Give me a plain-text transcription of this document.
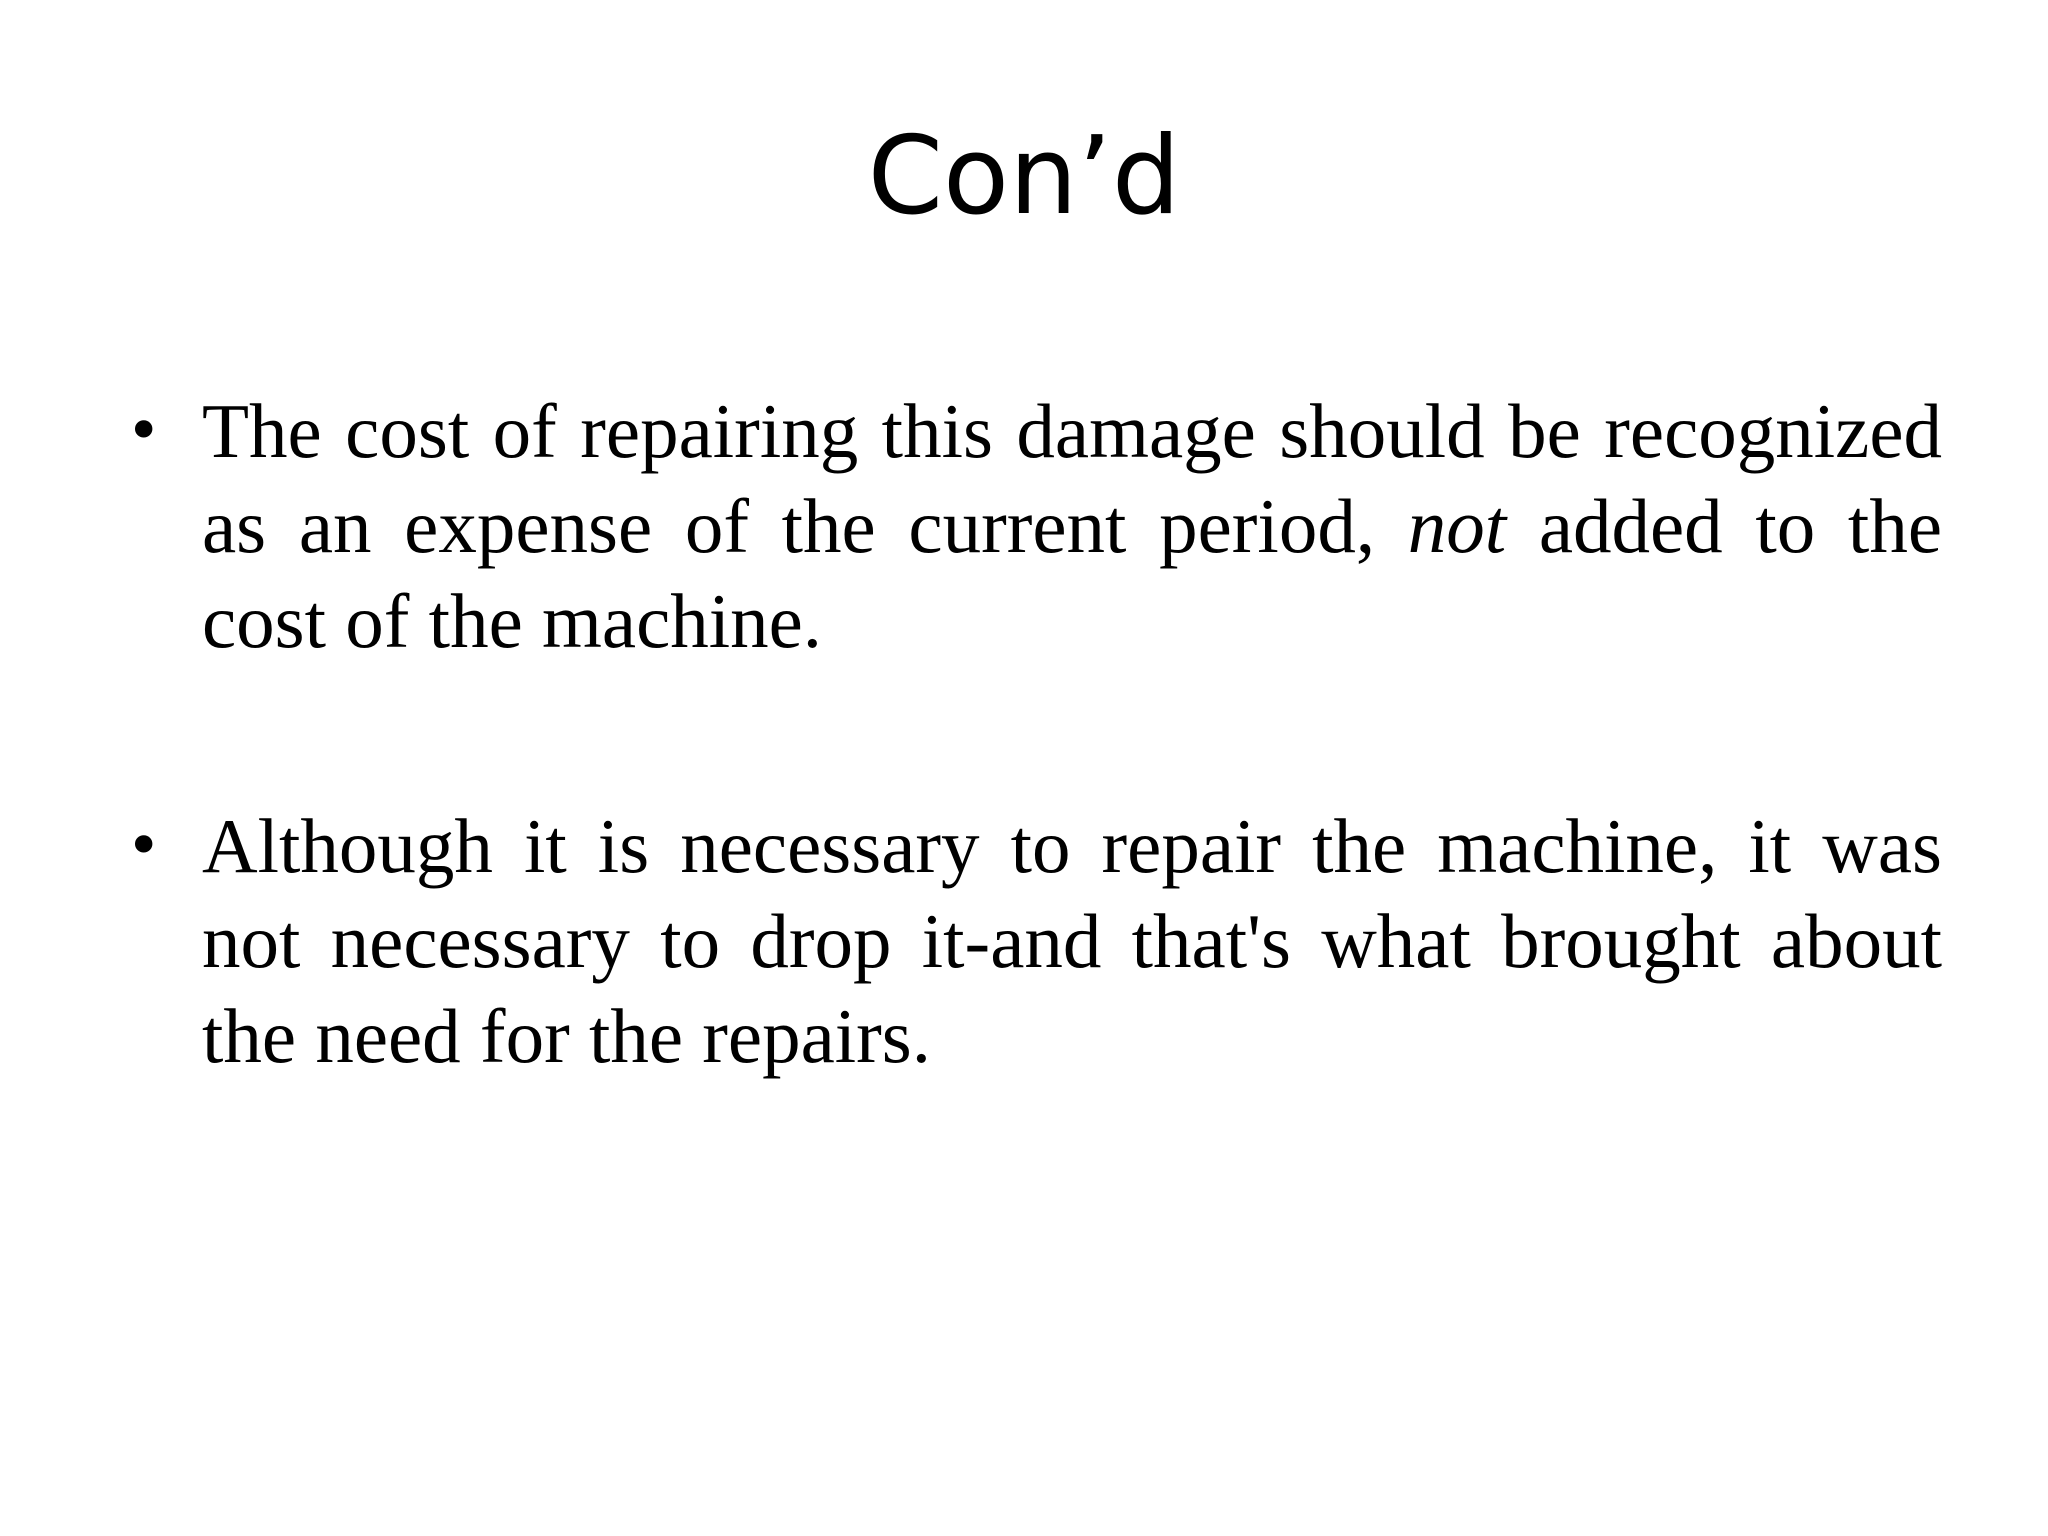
Con’d
• The cost of repairing this damage should be recognized as an expense of the current period, not added to the cost of the machine.
• Although it is necessary to repair the machine, it was not necessary to drop it-and that's what brought about the need for the repairs.
